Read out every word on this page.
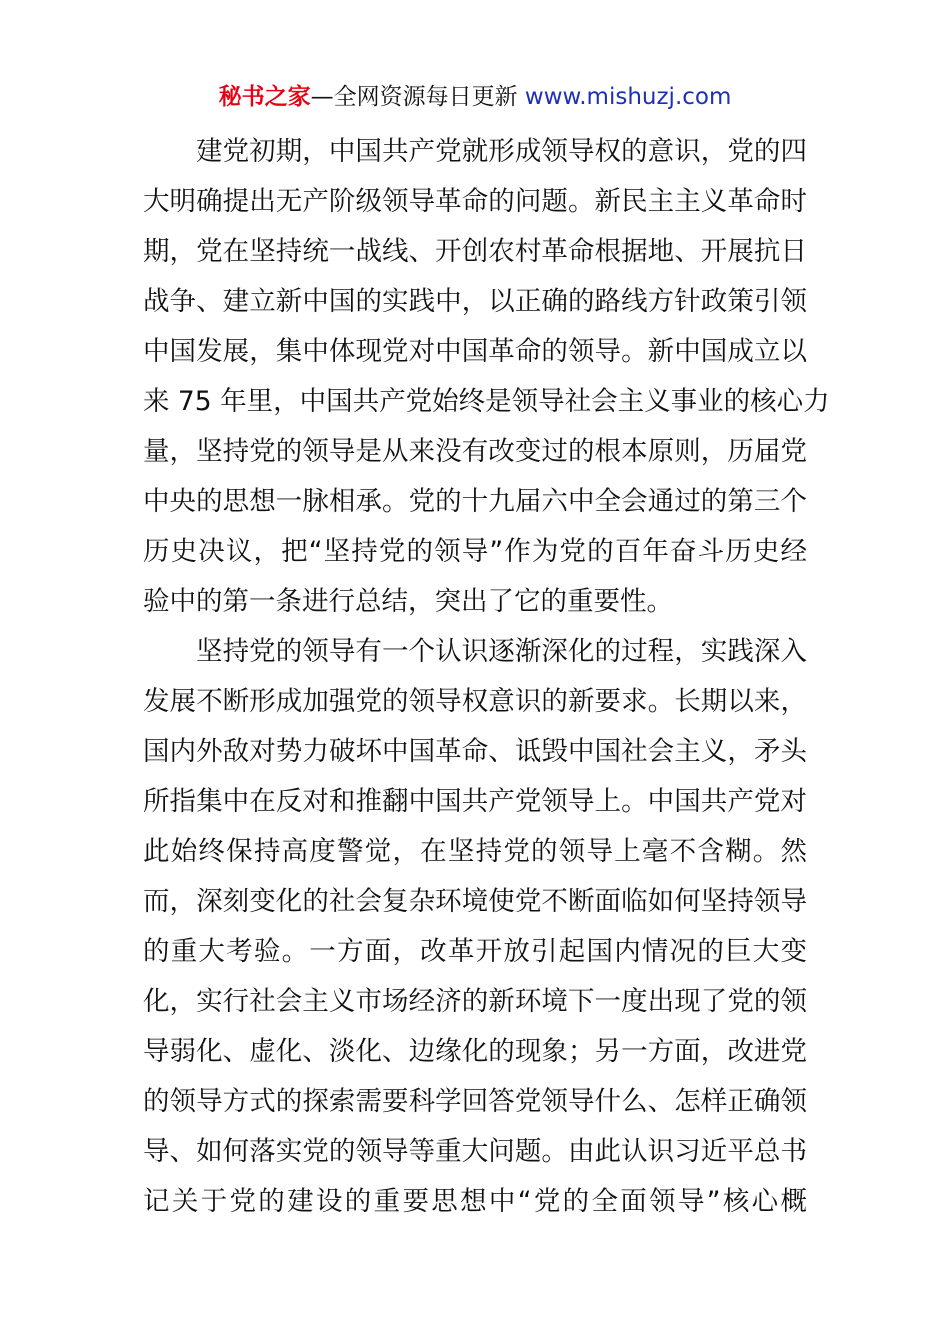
秘书之家—全网资源每日更新 www.mishuzj.com
建党初期，中国共产党就形成领导权的意识，党的四
大明确提出无产阶级领导革命的问题。新民主主义革命时
期，党在坚持统一战线、开创农村革命根据地、开展抗日
战争、建立新中国的实践中，以正确的路线方针政策引领
中国发展，集中体现党对中国革命的领导。新中国成立以
来 75 年里，中国共产党始终是领导社会主义事业的核心力
量，坚持党的领导是从来没有改变过的根本原则，历届党
中央的思想一脉相承。党的十九届六中全会通过的第三个
历史决议，把“坚持党的领导”作为党的百年奋斗历史经
验中的第一条进行总结，突出了它的重要性。
坚持党的领导有一个认识逐渐深化的过程，实践深入
发展不断形成加强党的领导权意识的新要求。长期以来，
国内外敌对势力破坏中国革命、诋毁中国社会主义，矛头
所指集中在反对和推翻中国共产党领导上。中国共产党对
此始终保持高度警觉，在坚持党的领导上毫不含糊。然
而，深刻变化的社会复杂环境使党不断面临如何坚持领导
的重大考验。一方面，改革开放引起国内情况的巨大变
化，实行社会主义市场经济的新环境下一度出现了党的领
导弱化、虚化、淡化、边缘化的现象；另一方面，改进党
的领导方式的探索需要科学回答党领导什么、怎样正确领
导、如何落实党的领导等重大问题。由此认识习近平总书
记关于党的建设的重要思想中“党的全面领导”核心概
